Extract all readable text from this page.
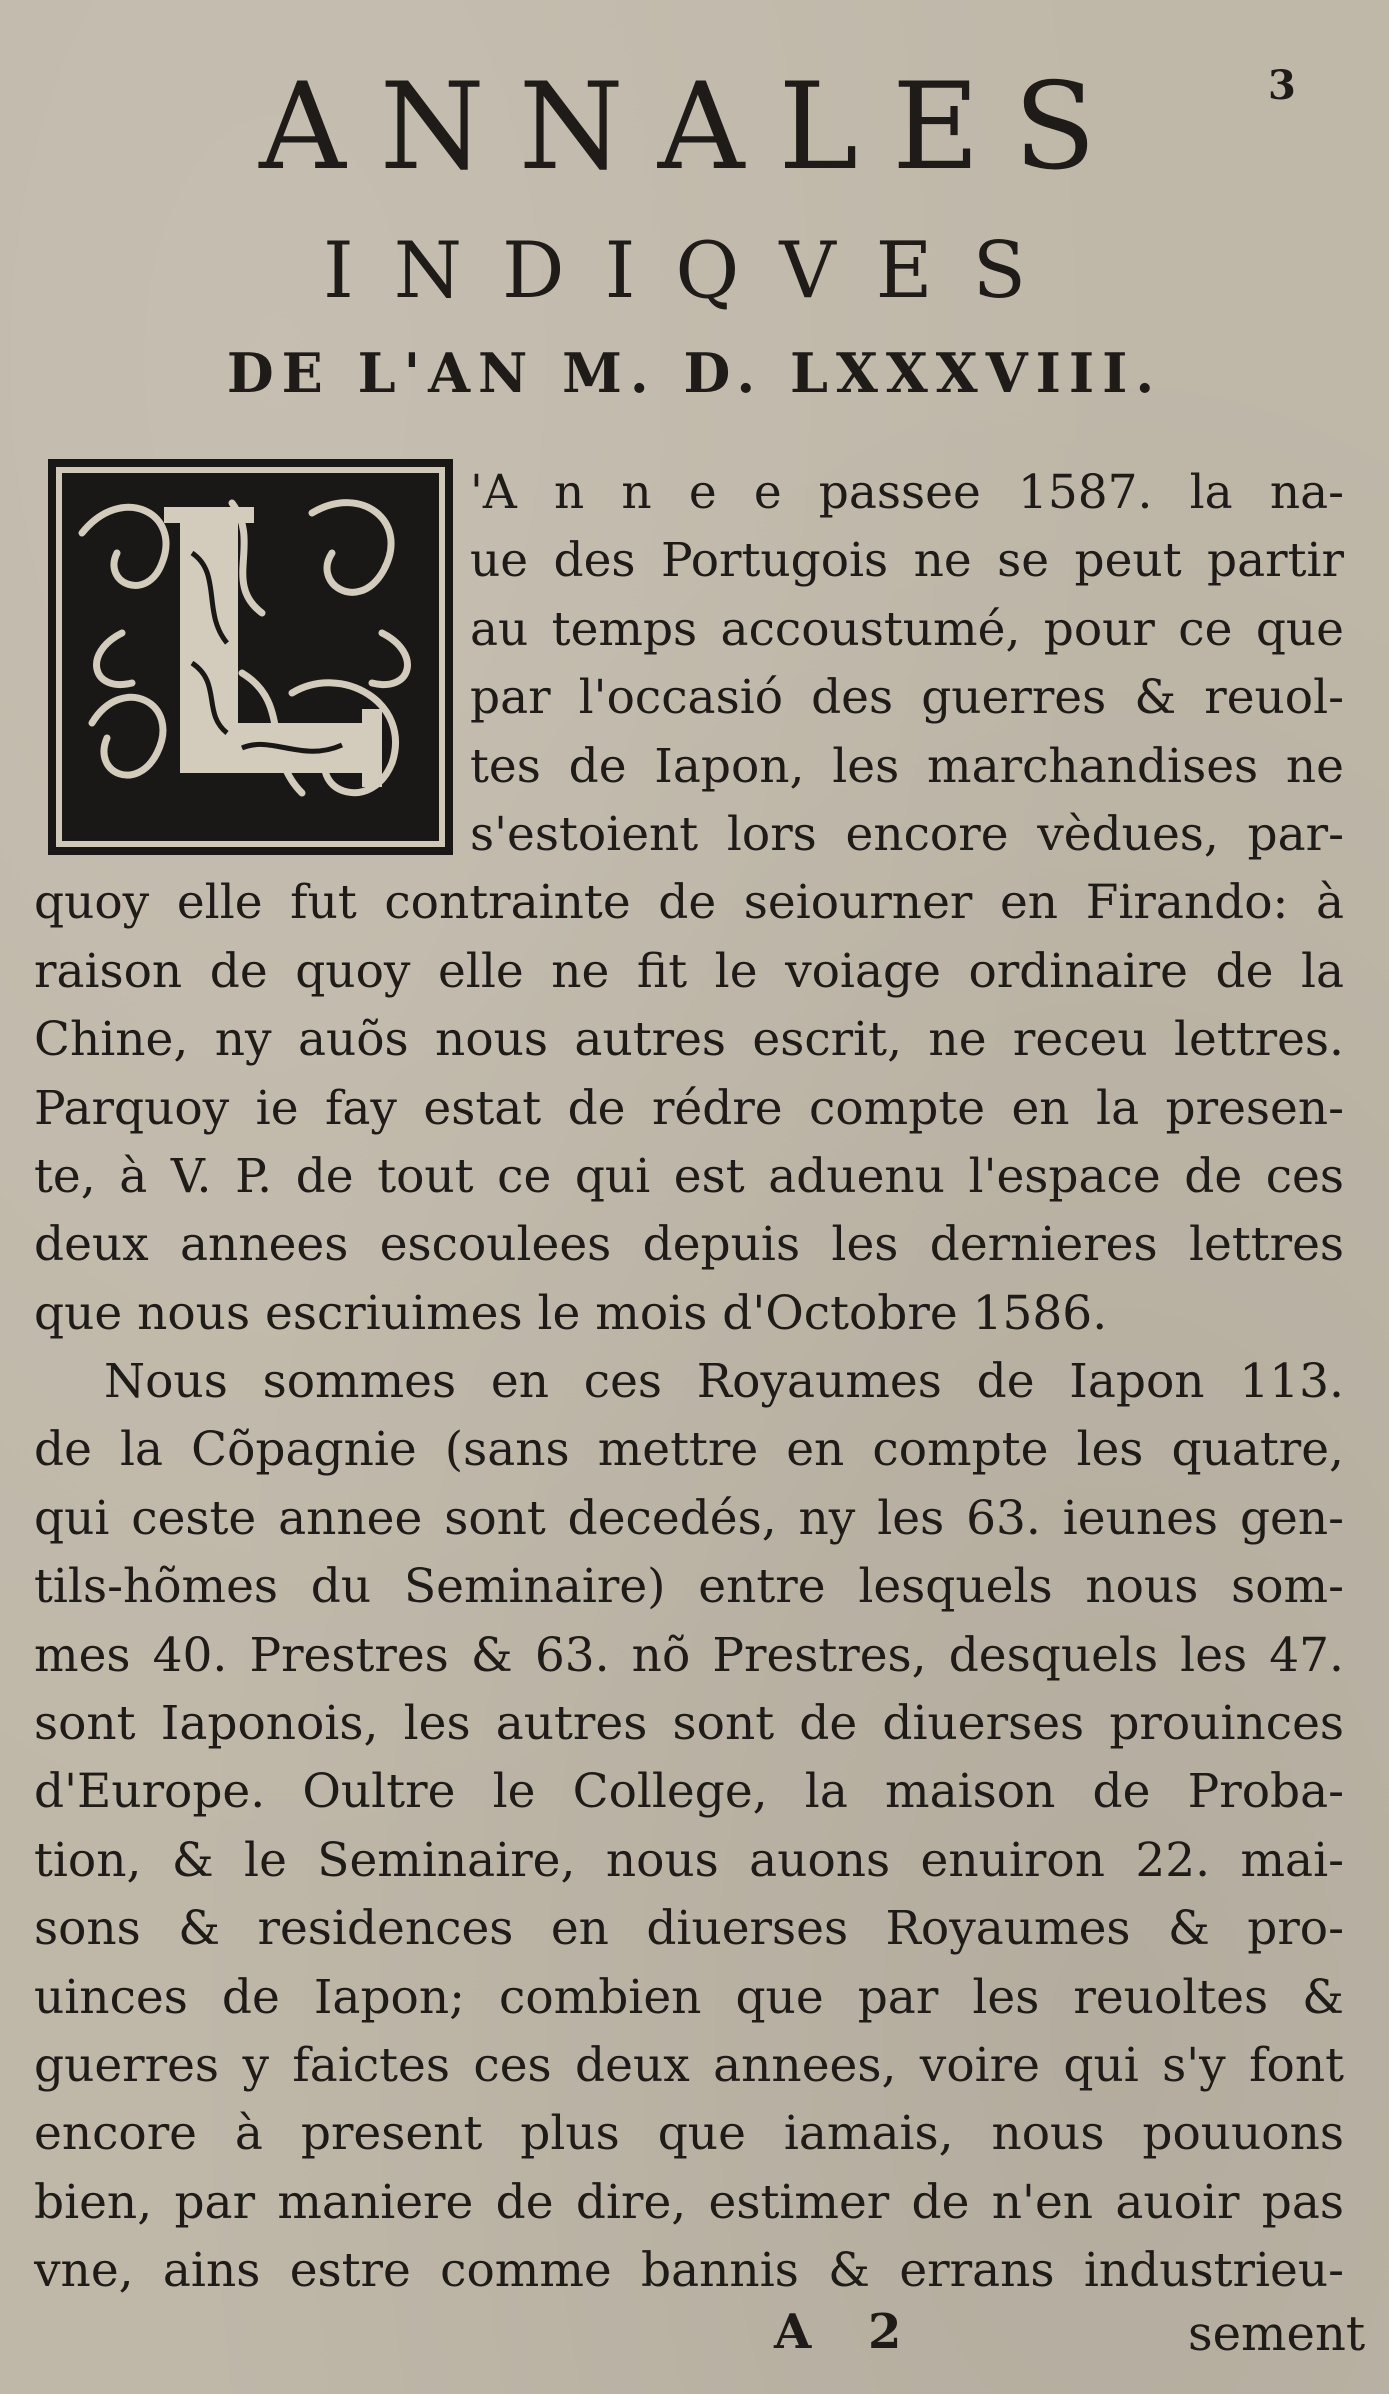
3
ANNALES
INDIQVES
DE L'AN M. D. LXXXVIII.
'A n n e e passee 1587. la na-
ue des Portugois ne se peut partir
au temps accoustumé, pour ce que
par l'occasió des guerres & reuol-
tes de Iapon, les marchandises ne
s'estoient lors encore vèdues, par-
quoy elle fut contrainte de seiourner en Firando: à
raison de quoy elle ne fit le voiage ordinaire de la
Chine, ny auõs nous autres escrit, ne receu lettres.
Parquoy ie fay estat de rédre compte en la presen-
te, à V. P. de tout ce qui est aduenu l'espace de ces
deux annees escoulees depuis les dernieres lettres
que nous escriuimes le mois d'Octobre 1586.
Nous sommes en ces Royaumes de Iapon 113.
de la Cõpagnie (sans mettre en compte les quatre,
qui ceste annee sont decedés, ny les 63. ieunes gen-
tils-hõmes du Seminaire) entre lesquels nous som-
mes 40. Prestres & 63. nõ Prestres, desquels les 47.
sont Iaponois, les autres sont de diuerses prouinces
d'Europe. Oultre le College, la maison de Proba-
tion, & le Seminaire, nous auons enuiron 22. mai-
sons & residences en diuerses Royaumes & pro-
uinces de Iapon; combien que par les reuoltes &
guerres y faictes ces deux annees, voire qui s'y font
encore à present plus que iamais, nous pouuons
bien, par maniere de dire, estimer de n'en auoir pas
vne, ains estre comme bannis & errans industrieu-
A 2	sement
